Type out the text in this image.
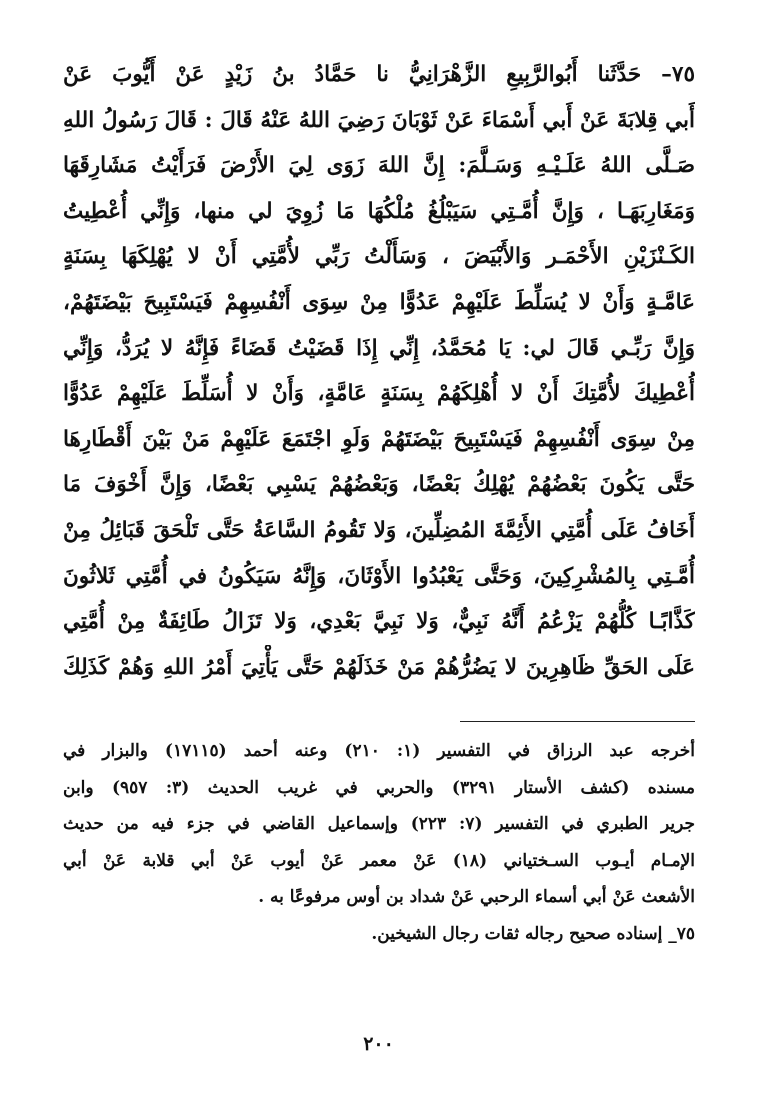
٧٥– حَدَّثَنا أَبُوالرَّبِيعِ الزَّهْرَانِيُّ نا حَمَّادُ بنُ زَيْدٍ عَنْ أَيُّوبَ عَنْ
أَبي قِلابَةَ عَنْ أَبي أَسْمَاءَ عَنْ ثَوْبَانَ رَضِيَ اللهُ عَنْهُ قَالَ : قَالَ رَسُولُ اللهِ
صَـلَّى اللهُ عَلَـيْـهِ وَسَـلَّمَ: إِنَّ اللهَ زَوَى لِيَ الأَرْضَ فَرَأَيْتُ مَشَارِقَهَا
وَمَغَارِبَهَـا ، وَإِنَّ أُمَّـتِي سَيَبْلُغُ مُلْكُهَا مَا زُوِيَ لي منها، وَإِنِّي أُعْطِيتُ
الكَـنْزَيْنِ الأَحْمَـر وَالأَبْيَضَ ، وَسَأَلْتُ رَبِّي لأُمَّتِي أَنْ لا يُهْلِكَهَا بِسَنَةٍ
عَامَّـةٍ وَأَنْ لا يُسَلِّطَ عَلَيْهِمْ عَدُوًّا مِنْ سِوَى أَنْفُسِهِمْ فَيَسْتَبِيحَ بَيْضَتَهُمْ،
وَإِنَّ رَبِّـي قَالَ لي: يَا مُحَمَّدُ، إِنِّي إِذَا قَضَيْتُ قَضَاءً فَإِنَّهُ لا يُرَدُّ، وَإِنِّي
أُعْطِيكَ لأُمَّتِكَ أَنْ لا أُهْلِكَهُمْ بِسَنَةٍ عَامَّةٍ، وَأَنْ لا أُسَلِّطَ عَلَيْهِمْ عَدُوًّا
مِنْ سِوَى أَنْفُسِهِمْ فَيَسْتَبِيحَ بَيْضَتَهُمْ وَلَوِ اجْتَمَعَ عَلَيْهِمْ مَنْ بَيْنَ أَقْطَارِهَا
حَتَّى يَكُونَ بَعْضُهُمْ يُهْلِكُ بَعْضًا، وَبَعْضُهُمْ يَسْبِي بَعْضًا، وَإِنَّ أَخْوَفَ مَا
أَخَافُ عَلَى أُمَّتِي الأَئِمَّةَ المُضِلِّينَ، وَلا تَقُومُ السَّاعَةُ حَتَّى تَلْحَقَ قَبَائِلُ مِنْ
أُمَّـتِي بِالمُشْرِكِينَ، وَحَتَّى يَعْبُدُوا الأَوْثَانَ، وَإِنَّهُ سَيَكُونُ في أُمَّتِي ثَلاثُونَ
كَذَّابًـا كُلُّهُمْ يَزْعُمُ أَنَّهُ نَبِيٌّ، وَلا نَبِيَّ بَعْدِي، وَلا تَزَالُ طَائِفَةٌ مِنْ أُمَّتِي
عَلَى الحَقِّ ظَاهِرِينَ لا يَضُرُّهُمْ مَنْ خَذَلَهُمْ حَتَّى يَأْتِيَ أَمْرُ اللهِ وَهُمْ كَذَلِكَ
أخرجه عبد الرزاق في التفسير (١: ٢١٠) وعنه أحمد (١٧١١٥) والبزار في
مسنده (كشف الأستار ٣٢٩١) والحربي في غريب الحديث (٣: ٩٥٧) وابن
جرير الطبري في التفسير (٧: ٢٢٣) وإسماعيل القاضي في جزء فيه من حديث
الإمـام أيـوب السـختياني (١٨) عَنْ معمر عَنْ أيوب عَنْ أبي قلابة عَنْ أبي
الأشعث عَنْ أبي أسماء الرحبي عَنْ شداد بن أوس مرفوعًا به .
٧٥_ إسناده صحيح رجاله ثقات رجال الشيخين.
٢٠٠
